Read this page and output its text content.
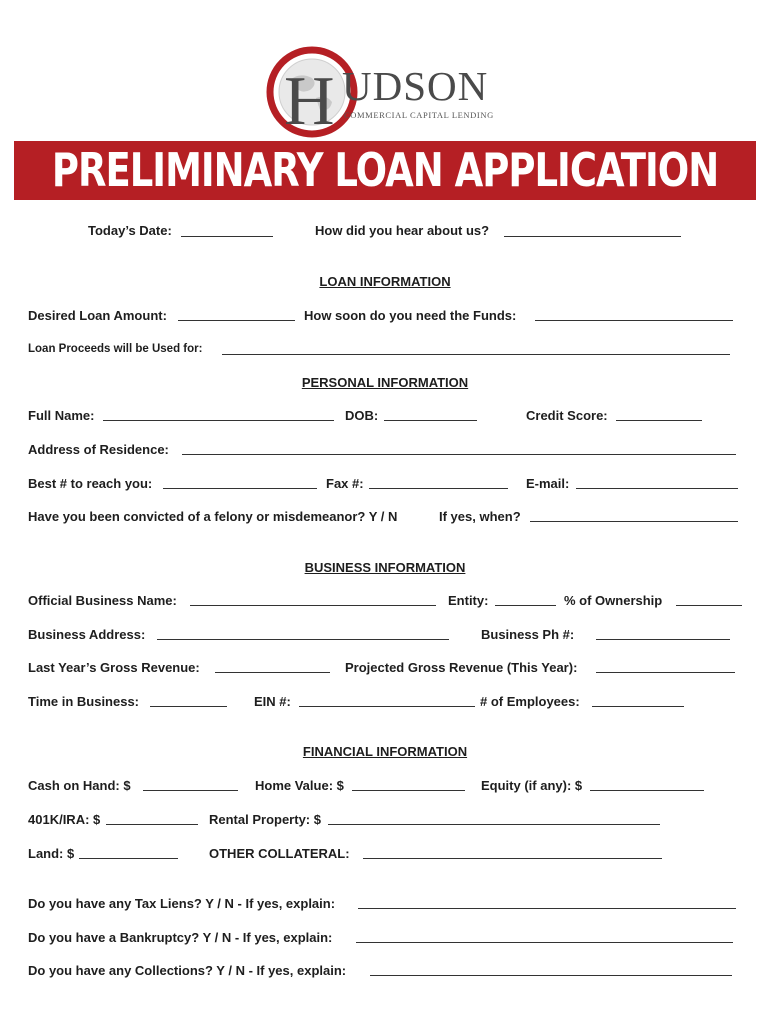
H UDSON
COMMERCIAL CAPITAL LENDING
PRELIMINARY LOAN APPLICATION
Today’s Date:	How did you hear about us?
LOAN INFORMATION
Desired Loan Amount:	How soon do you need the Funds:
Loan Proceeds will be Used for:
PERSONAL INFORMATION
Full Name:	DOB:	Credit Score:
Address of Residence:
Best # to reach you:	Fax #:	E-mail:
Have you been convicted of a felony or misdemeanor? Y / N	If yes, when?
BUSINESS INFORMATION
Official Business Name:	Entity:	% of Ownership
Business Address:	Business Ph #:
Last Year’s Gross Revenue:	Projected Gross Revenue (This Year):
Time in Business:	EIN #:	# of Employees:
FINANCIAL INFORMATION
Cash on Hand: $	Home Value: $	Equity (if any): $
401K/IRA: $	Rental Property: $
Land: $	OTHER COLLATERAL:
Do you have any Tax Liens? Y / N - If yes, explain:
Do you have a Bankruptcy? Y / N - If yes, explain:
Do you have any Collections? Y / N - If yes, explain:
